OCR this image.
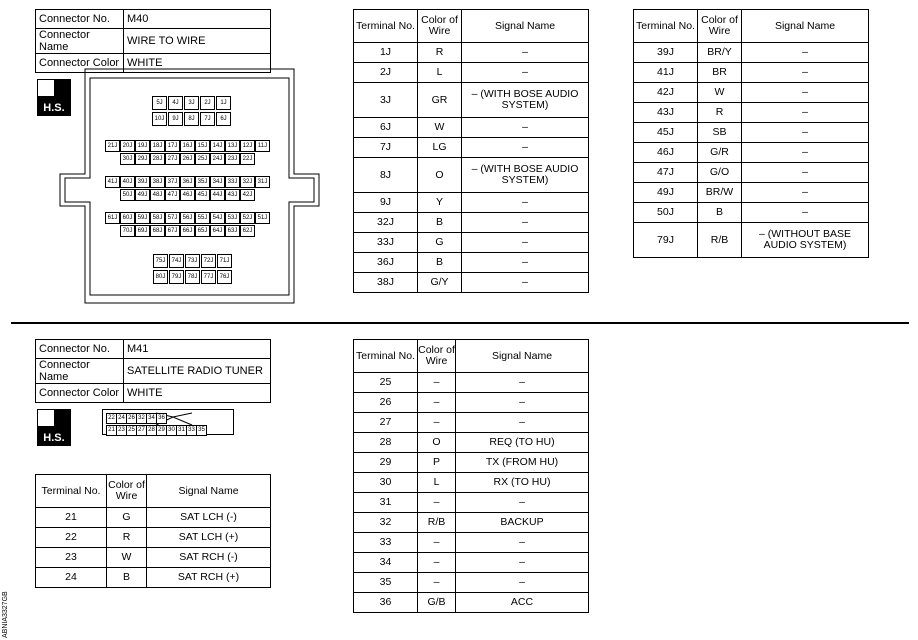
Connector No.	M40
Connector Name	WIRE TO WIRE
Connector Color	WHITE
H.S.	5J	4J	3J	2J	1J
10J	9J	8J	7J	6J
21J 20J 19J 18J 17J 16J 15J 14J 13J 12J 11J
30J 29J 28J 27J 26J 25J 24J 23J 22J
41J 40J 39J 38J 37J 36J 35J 34J 33J 32J 31J
50J 49J 48J 47J 46J 45J 44J 43J 42J
61J 60J 59J 58J 57J 56J 55J 54J 53J 52J 51J
70J 69J 68J 67J 66J 65J 64J 63J 62J
75J	74J	73J	72J	71J
80J	79J	78J	77J	76J
Terminal No.	Color of Wire	Signal Name
1J	R	–
2J	L	–
3J	GR	– (WITH BOSE AUDIO SYSTEM)
6J	W	–
7J	LG	–
8J	O	– (WITH BOSE AUDIO SYSTEM)
9J	Y	–
32J	B	–
33J	G	–
36J	B	–
38J	G/Y	–
Terminal No.	Color of Wire	Signal Name
39J	BR/Y	–
41J	BR	–
42J	W	–
43J	R	–
45J	SB	–
46J	G/R	–
47J	G/O	–
49J	BR/W	–
50J	B	–
79J	R/B	– (WITHOUT BASE AUDIO SYSTEM)
Connector No.	M41
Connector Name	SATELLITE RADIO TUNER
Connector Color	WHITE
H.S.
22 24 26 32 34 36
21 23 25 27 28 29 30 31 33 35
Terminal No.	Color of Wire	Signal Name
21	G	SAT LCH (-)
22	R	SAT LCH (+)
23	W	SAT RCH (-)
24	B	SAT RCH (+)
Terminal No.	Color of Wire	Signal Name
25	–	–
26	–	–
27	–	–
28	O	REQ (TO HU)
29	P	TX (FROM HU)
30	L	RX (TO HU)
31	–	–
32	R/B	BACKUP
33	–	–
34	–	–
35	–	–
36	G/B	ACC
ABNIA3327GB
